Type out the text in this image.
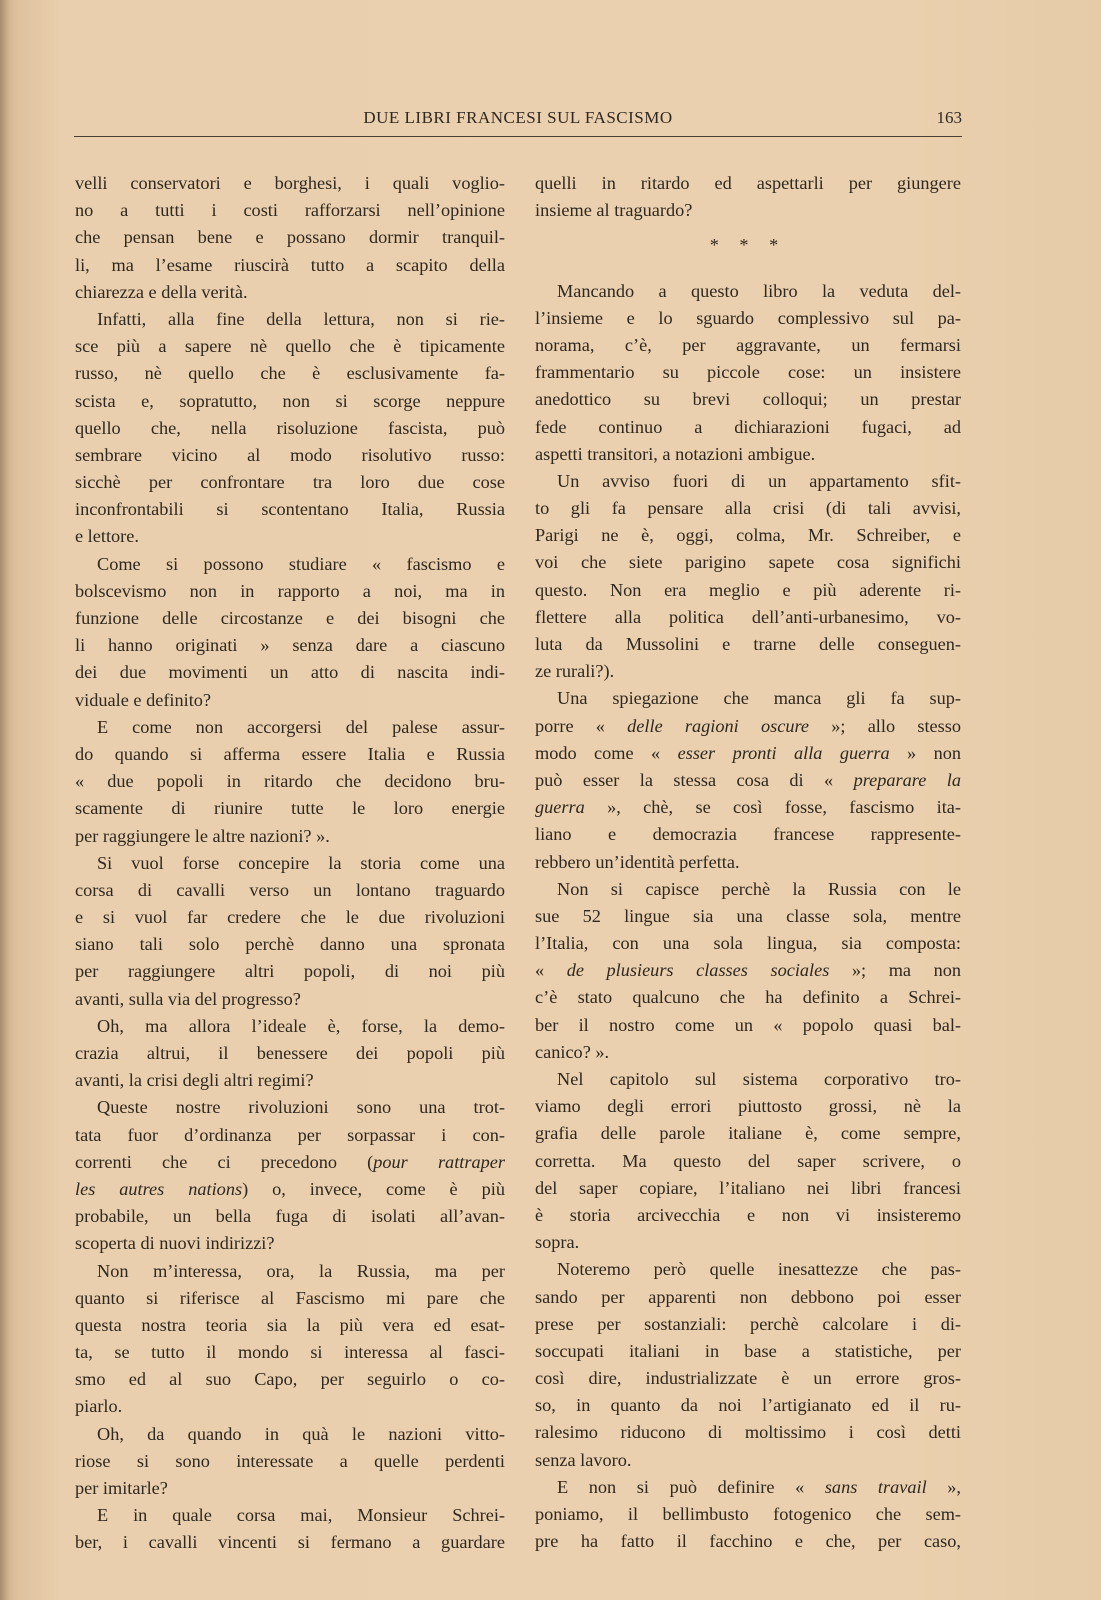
DUE LIBRI FRANCESI SUL FASCISMO	163
velli conservatori e borghesi, i quali voglio-
no a tutti i costi rafforzarsi nell’opinione
che pensan bene e possano dormir tranquil-
li, ma l’esame riuscirà tutto a scapito della
chiarezza e della verità.
Infatti, alla fine della lettura, non si rie-
sce più a sapere nè quello che è tipicamente
russo, nè quello che è esclusivamente fa-
scista e, sopratutto, non si scorge neppure
quello che, nella risoluzione fascista, può
sembrare vicino al modo risolutivo russo:
sicchè per confrontare tra loro due cose
inconfrontabili si scontentano Italia, Russia
e lettore.
Come si possono studiare « fascismo e
bolscevismo non in rapporto a noi, ma in
funzione delle circostanze e dei bisogni che
li hanno originati » senza dare a ciascuno
dei due movimenti un atto di nascita indi-
viduale e definito?
E come non accorgersi del palese assur-
do quando si afferma essere Italia e Russia
« due popoli in ritardo che decidono bru-
scamente di riunire tutte le loro energie
per raggiungere le altre nazioni? ».
Si vuol forse concepire la storia come una
corsa di cavalli verso un lontano traguardo
e si vuol far credere che le due rivoluzioni
siano tali solo perchè danno una spronata
per raggiungere altri popoli, di noi più
avanti, sulla via del progresso?
Oh, ma allora l’ideale è, forse, la demo-
crazia altrui, il benessere dei popoli più
avanti, la crisi degli altri regimi?
Queste nostre rivoluzioni sono una trot-
tata fuor d’ordinanza per sorpassar i con-
correnti che ci precedono (pour rattraper
les autres nations) o, invece, come è più
probabile, un bella fuga di isolati all’avan-
scoperta di nuovi indirizzi?
Non m’interessa, ora, la Russia, ma per
quanto si riferisce al Fascismo mi pare che
questa nostra teoria sia la più vera ed esat-
ta, se tutto il mondo si interessa al fasci-
smo ed al suo Capo, per seguirlo o co-
piarlo.
Oh, da quando in quà le nazioni vitto-
riose si sono interessate a quelle perdenti
per imitarle?
E in quale corsa mai, Monsieur Schrei-
ber, i cavalli vincenti si fermano a guardare
quelli in ritardo ed aspettarli per giungere
insieme al traguardo?
* * *
Mancando a questo libro la veduta del-
l’insieme e lo sguardo complessivo sul pa-
norama, c’è, per aggravante, un fermarsi
frammentario su piccole cose: un insistere
anedottico su brevi colloqui; un prestar
fede continuo a dichiarazioni fugaci, ad
aspetti transitori, a notazioni ambigue.
Un avviso fuori di un appartamento sfit-
to gli fa pensare alla crisi (di tali avvisi,
Parigi ne è, oggi, colma, Mr. Schreiber, e
voi che siete parigino sapete cosa significhi
questo. Non era meglio e più aderente ri-
flettere alla politica dell’anti-urbanesimo, vo-
luta da Mussolini e trarne delle conseguen-
ze rurali?).
Una spiegazione che manca gli fa sup-
porre « delle ragioni oscure »; allo stesso
modo come « esser pronti alla guerra » non
può esser la stessa cosa di « preparare la
guerra », chè, se così fosse, fascismo ita-
liano e democrazia francese rappresente-
rebbero un’identità perfetta.
Non si capisce perchè la Russia con le
sue 52 lingue sia una classe sola, mentre
l’Italia, con una sola lingua, sia composta:
« de plusieurs classes sociales »; ma non
c’è stato qualcuno che ha definito a Schrei-
ber il nostro come un « popolo quasi bal-
canico? ».
Nel capitolo sul sistema corporativo tro-
viamo degli errori piuttosto grossi, nè la
grafia delle parole italiane è, come sempre,
corretta. Ma questo del saper scrivere, o
del saper copiare, l’italiano nei libri francesi
è storia arcivecchia e non vi insisteremo
sopra.
Noteremo però quelle inesattezze che pas-
sando per apparenti non debbono poi esser
prese per sostanziali: perchè calcolare i di-
soccupati italiani in base a statistiche, per
così dire, industrializzate è un errore gros-
so, in quanto da noi l’artigianato ed il ru-
ralesimo riducono di moltissimo i così detti
senza lavoro.
E non si può definire « sans travail »,
poniamo, il bellimbusto fotogenico che sem-
pre ha fatto il facchino e che, per caso,
